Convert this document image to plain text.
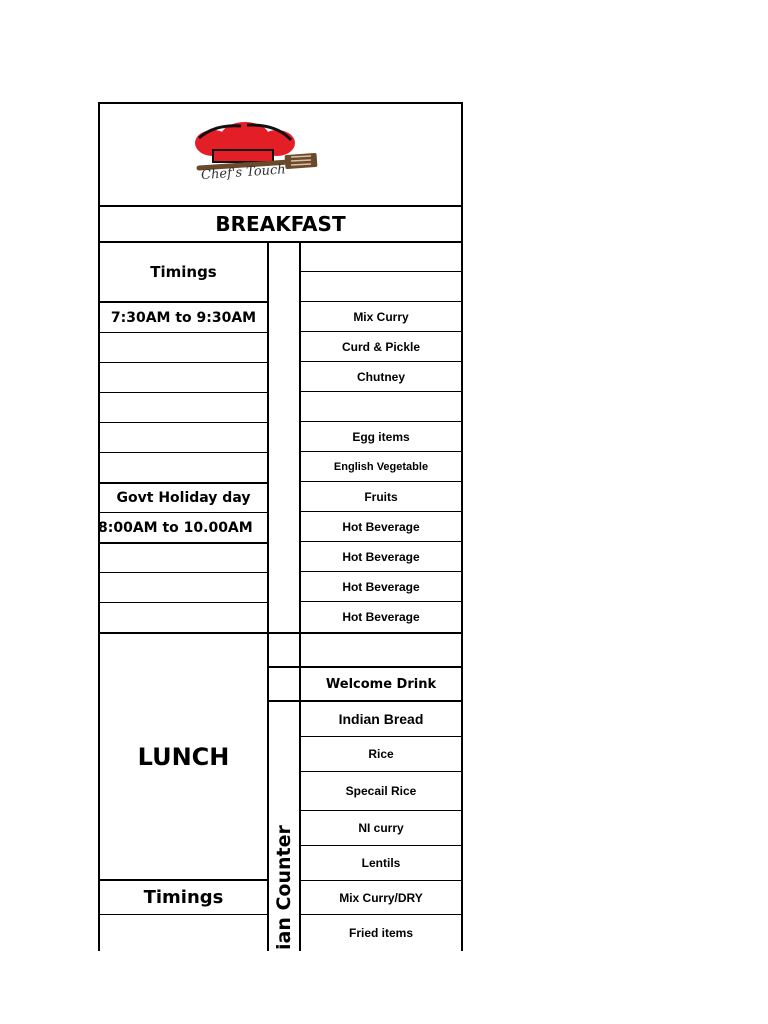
Chef's Touch
BREAKFAST
Timings
7:30AM to 9:30AM
Govt Holiday day
8:00AM to 10.00AM
Mix Curry
Curd & Pickle
Chutney
Egg items
English Vegetable
Fruits
Hot Beverage
Hot Beverage
Hot Beverage
Hot Beverage
LUNCH
Timings	ian Counter
Welcome Drink
Indian Bread
Rice
Specail Rice
NI curry
Lentils
Mix Curry/DRY
Fried items
